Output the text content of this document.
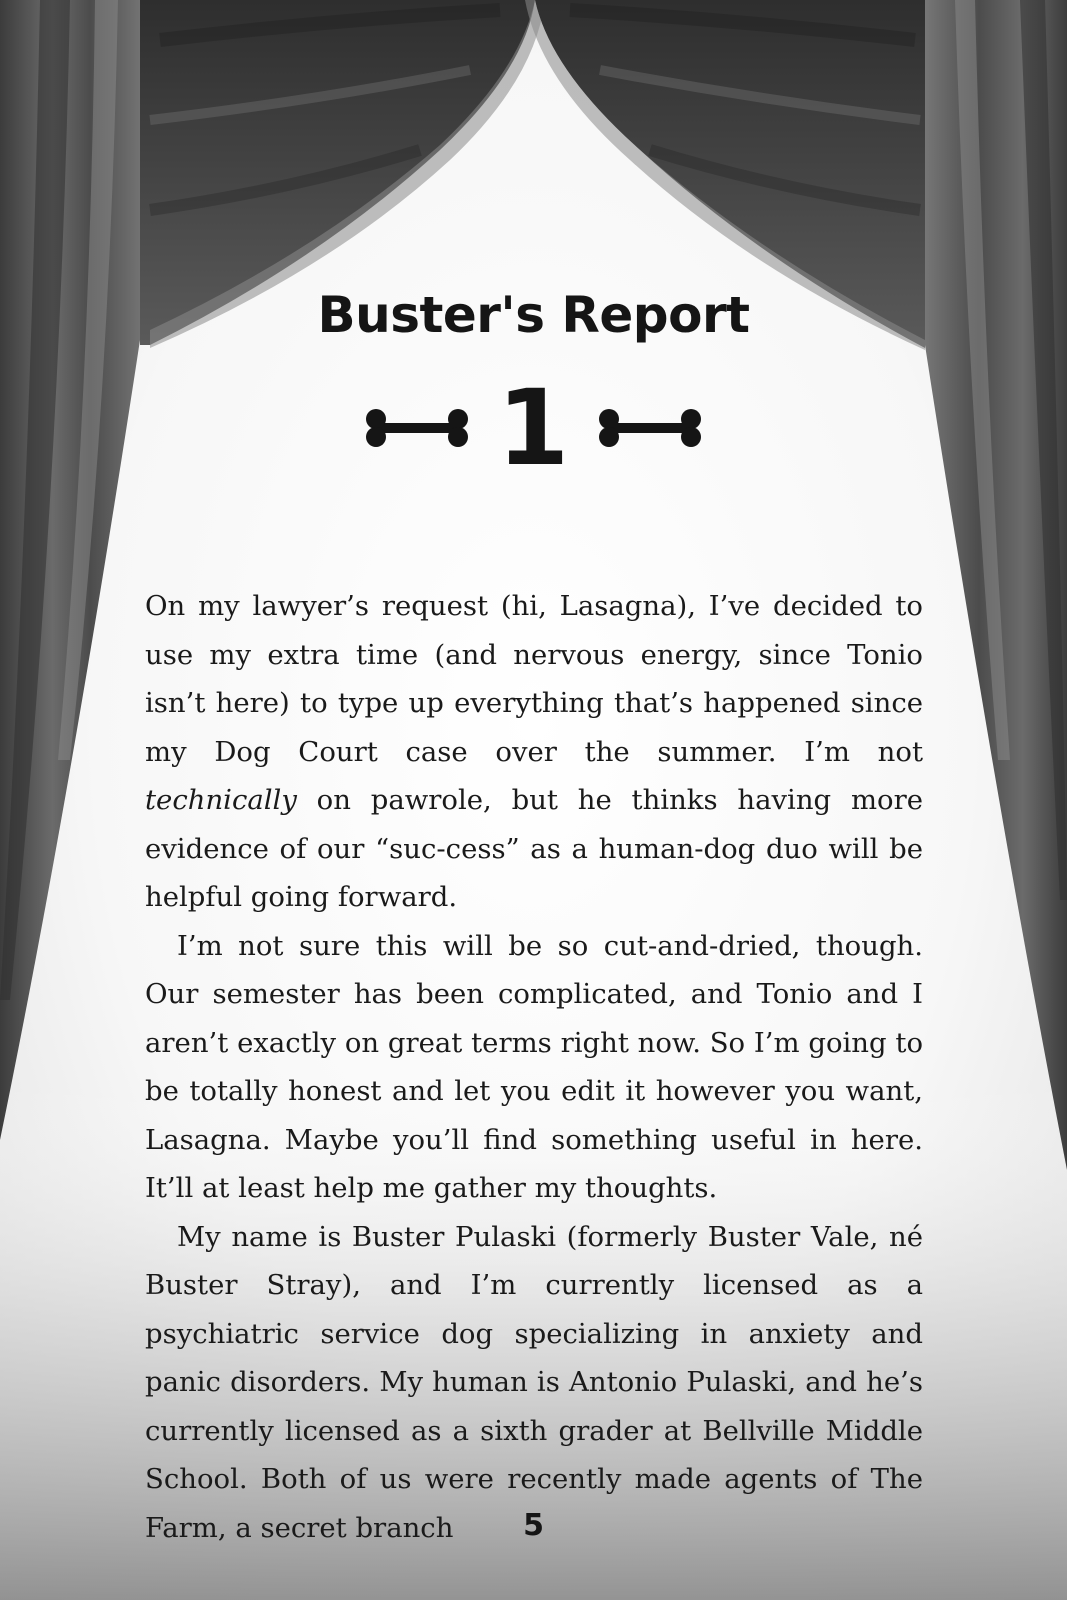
Buster's Report
1

On my lawyer’s request (hi, Lasagna), I’ve decided to use my extra time (and nervous energy, since Tonio isn’t here) to type up everything that’s happened since my Dog Court case over the summer. I’m not technically on pawrole, but he thinks having more evidence of our “suc-cess” as a human-dog duo will be helpful going forward.

I’m not sure this will be so cut-and-dried, though. Our semester has been complicated, and Tonio and I aren’t exactly on great terms right now. So I’m going to be totally honest and let you edit it however you want, Lasagna. Maybe you’ll find something useful in here. It’ll at least help me gather my thoughts.

My name is Buster Pulaski (formerly Buster Vale, né Buster Stray), and I’m currently licensed as a psychiatric service dog specializing in anxiety and panic disorders. My human is Antonio Pulaski, and he’s currently licensed as a sixth grader at Bellville Middle School. Both of us were recently made agents of The Farm, a secret branch	5
